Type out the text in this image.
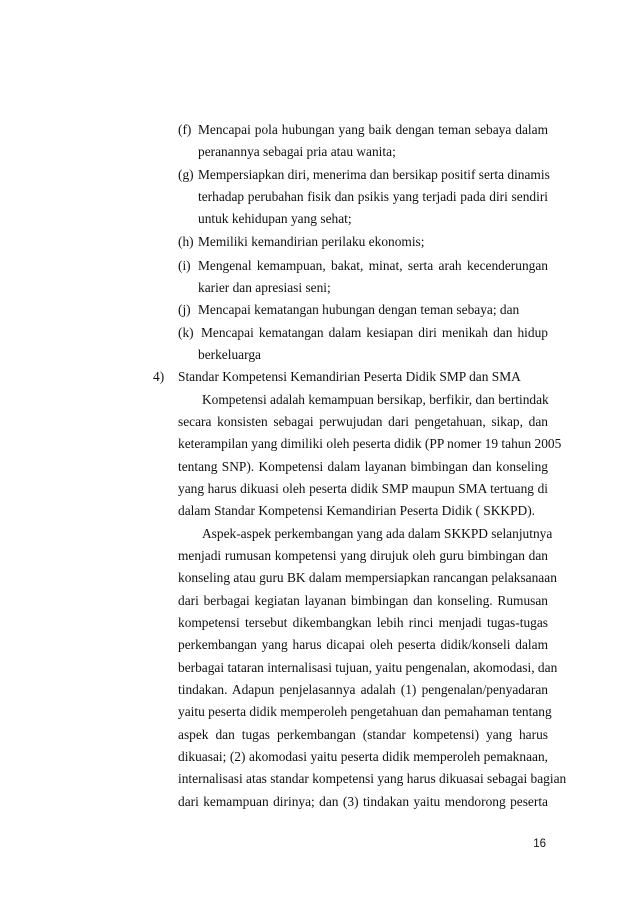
(f) Mencapai pola hubungan yang baik dengan teman sebaya dalam
peranannya sebagai pria atau wanita;
(g) Mempersiapkan diri, menerima dan bersikap positif serta dinamis
terhadap perubahan fisik dan psikis yang terjadi pada diri sendiri
untuk kehidupan yang sehat;
(h) Memiliki kemandirian perilaku ekonomis;
(i) Mengenal kemampuan, bakat, minat, serta arah kecenderungan
karier dan apresiasi seni;
(j) Mencapai kematangan hubungan dengan teman sebaya; dan
(k) Mencapai kematangan dalam kesiapan diri menikah dan hidup
berkeluarga
4) Standar Kompetensi Kemandirian Peserta Didik SMP dan SMA
Kompetensi adalah kemampuan bersikap, berfikir, dan bertindak
secara konsisten sebagai perwujudan dari pengetahuan, sikap, dan
keterampilan yang dimiliki oleh peserta didik (PP nomer 19 tahun 2005
tentang SNP). Kompetensi dalam layanan bimbingan dan konseling
yang harus dikuasi oleh peserta didik SMP maupun SMA tertuang di
dalam Standar Kompetensi Kemandirian Peserta Didik ( SKKPD).
Aspek-aspek perkembangan yang ada dalam SKKPD selanjutnya
menjadi rumusan kompetensi yang dirujuk oleh guru bimbingan dan
konseling atau guru BK dalam mempersiapkan rancangan pelaksanaan
dari berbagai kegiatan layanan bimbingan dan konseling. Rumusan
kompetensi tersebut dikembangkan lebih rinci menjadi tugas-tugas
perkembangan yang harus dicapai oleh peserta didik/konseli dalam
berbagai tataran internalisasi tujuan, yaitu pengenalan, akomodasi, dan
tindakan. Adapun penjelasannya adalah (1) pengenalan/penyadaran
yaitu peserta didik memperoleh pengetahuan dan pemahaman tentang
aspek dan tugas perkembangan (standar kompetensi) yang harus
dikuasai; (2) akomodasi yaitu peserta didik memperoleh pemaknaan,
internalisasi atas standar kompetensi yang harus dikuasai sebagai bagian
dari kemampuan dirinya; dan (3) tindakan yaitu mendorong peserta
16
